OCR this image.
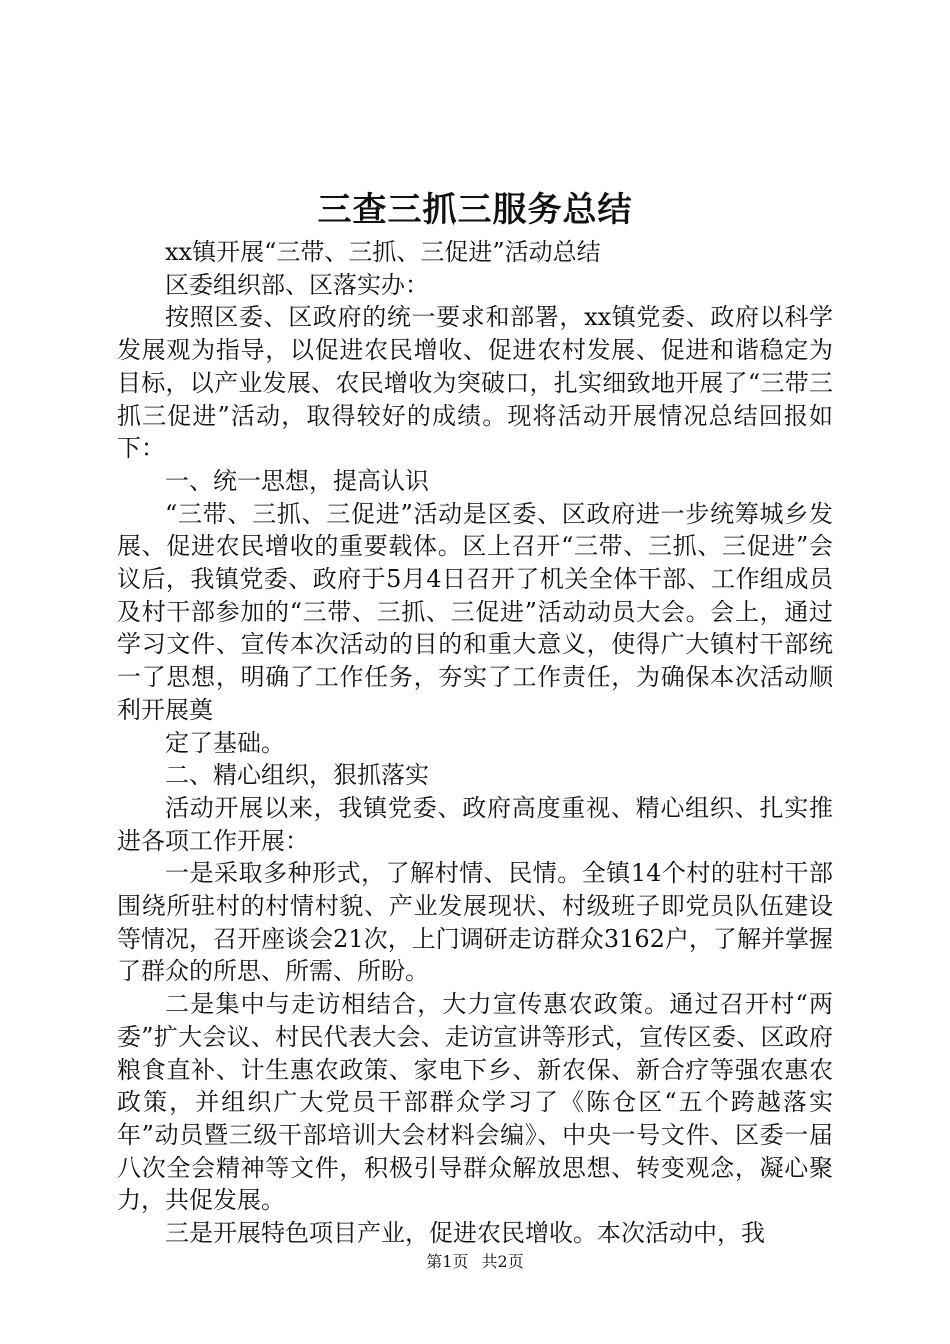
三查三抓三服务总结

xx镇开展“三带、三抓、三促进”活动总结

区委组织部、区落实办：

按照区委、区政府的统一要求和部署，xx镇党委、政府以科学发展观为指导，以促进农民增收、促进农村发展、促进和谐稳定为目标，以产业发展、农民增收为突破口，扎实细致地开展了“三带三抓三促进”活动，取得较好的成绩。现将活动开展情况总结回报如下：

一、统一思想，提高认识

“三带、三抓、三促进”活动是区委、区政府进一步统筹城乡发展、促进农民增收的重要载体。区上召开“三带、三抓、三促进”会议后，我镇党委、政府于5月4日召开了机关全体干部、工作组成员及村干部参加的“三带、三抓、三促进”活动动员大会。会上，通过学习文件、宣传本次活动的目的和重大意义，使得广大镇村干部统一了思想，明确了工作任务，夯实了工作责任，为确保本次活动顺利开展奠

定了基础。

二、精心组织，狠抓落实

活动开展以来，我镇党委、政府高度重视、精心组织、扎实推进各项工作开展：

一是采取多种形式，了解村情、民情。全镇14个村的驻村干部围绕所驻村的村情村貌、产业发展现状、村级班子即党员队伍建设等情况，召开座谈会21次，上门调研走访群众3162户，了解并掌握了群众的所思、所需、所盼。

二是集中与走访相结合，大力宣传惠农政策。通过召开村“两委”扩大会议、村民代表大会、走访宣讲等形式，宣传区委、区政府粮食直补、计生惠农政策、家电下乡、新农保、新合疗等强农惠农政策，并组织广大党员干部群众学习了《陈仓区“五个跨越落实年”动员暨三级干部培训大会材料会编》、中央一号文件、区委一届八次全会精神等文件，积极引导群众解放思想、转变观念，凝心聚力，共促发展。

三是开展特色项目产业，促进农民增收。本次活动中，我

第1页 共2页
